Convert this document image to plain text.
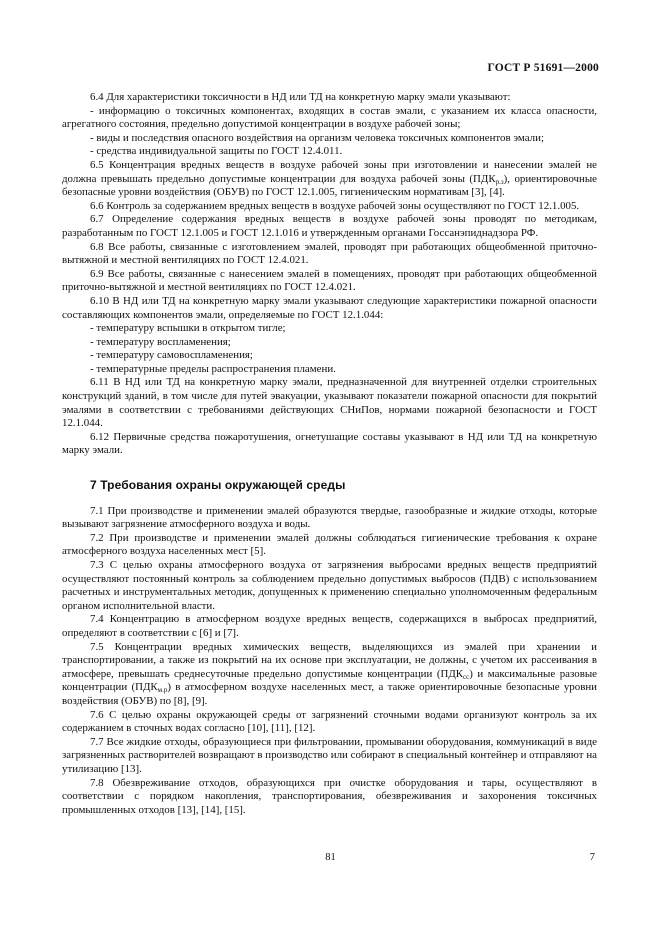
ГОСТ Р 51691—2000

6.4 Для характеристики токсичности в НД или ТД на конкретную марку эмали указывают:

- информацию о токсичных компонентах, входящих в состав эмали, с указанием их класса опасности, агрегатного состояния, предельно допустимой концентрации в воздухе рабочей зоны;

- виды и последствия опасного воздействия на организм человека токсичных компонентов эмали;

- средства индивидуальной защиты по ГОСТ 12.4.011.

6.5 Концентрация вредных веществ в воздухе рабочей зоны при изготовлении и нанесении эмалей не должна превышать предельно допустимые концентрации для воздуха рабочей зоны $(ПДК_{р.з})$, ориентировочные безопасные уровни воздействия (ОБУВ) по ГОСТ 12.1.005, гигиеническим нормативам [3], [4].

6.6 Контроль за содержанием вредных веществ в воздухе рабочей зоны осуществляют по ГОСТ 12.1.005.

6.7 Определение содержания вредных веществ в воздухе рабочей зоны проводят по методикам, разработанным по ГОСТ 12.1.005 и ГОСТ 12.1.016 и утвержденным органами Госсанэпиднадзора РФ.

6.8 Все работы, связанные с изготовлением эмалей, проводят при работающих общеобменной приточно-вытяжной и местной вентиляциях по ГОСТ 12.4.021.

6.9 Все работы, связанные с нанесением эмалей в помещениях, проводят при работающих общеобменной приточно-вытяжной и местной вентиляциях по ГОСТ 12.4.021.

6.10 В НД или ТД на конкретную марку эмали указывают следующие характеристики пожарной опасности составляющих компонентов эмали, определяемые по ГОСТ 12.1.044:

- температуру вспышки в открытом тигле;

- температуру воспламенения;

- температуру самовоспламенения;

- температурные пределы распространения пламени.

6.11 В НД или ТД на конкретную марку эмали, предназначенной для внутренней отделки строительных конструкций зданий, в том числе для путей эвакуации, указывают показатели пожарной опасности для покрытий эмалями в соответствии с требованиями действующих СНиПов, нормами пожарной безопасности и ГОСТ 12.1.044.

6.12 Первичные средства пожаротушения, огнетушащие составы указывают в НД или ТД на конкретную марку эмали.

7 Требования охраны окружающей среды

7.1 При производстве и применении эмалей образуются твердые, газообразные и жидкие отходы, которые вызывают загрязнение атмосферного воздуха и воды.

7.2 При производстве и применении эмалей должны соблюдаться гигиенические требования к охране атмосферного воздуха населенных мест [5].

7.3 С целью охраны атмосферного воздуха от загрязнения выбросами вредных веществ предприятий осуществляют постоянный контроль за соблюдением предельно допустимых выбросов (ПДВ) с использованием расчетных и инструментальных методик, допущенных к применению специально уполномоченным федеральным органом исполнительной власти.

7.4 Концентрацию в атмосферном воздухе вредных веществ, содержащихся в выбросах предприятий, определяют в соответствии с [6] и [7].

7.5 Концентрации вредных химических веществ, выделяющихся из эмалей при хранении и транспортировании, а также из покрытий на их основе при эксплуатации, не должны, с учетом их рассеивания в атмосфере, превышать среднесуточные предельно допустимые концентрации $(ПДК_{сс})$ и максимальные разовые концентрации $(ПДК_{м.р})$ в атмосферном воздухе населенных мест, а также ориентировочные безопасные уровни воздействия (ОБУВ) по [8], [9].

7.6 С целью охраны окружающей среды от загрязнений сточными водами организуют контроль за их содержанием в сточных водах согласно [10], [11], [12].

7.7 Все жидкие отходы, образующиеся при фильтровании, промывании оборудования, коммуникаций в виде загрязненных растворителей возвращают в производство или собирают в специальный контейнер и отправляют на утилизацию [13].

7.8 Обезвреживание отходов, образующихся при очистке оборудования и тары, осуществляют в соответствии с порядком накопления, транспортирования, обезвреживания и захоронения токсичных промышленных отходов [13], [14], [15].

81	7
